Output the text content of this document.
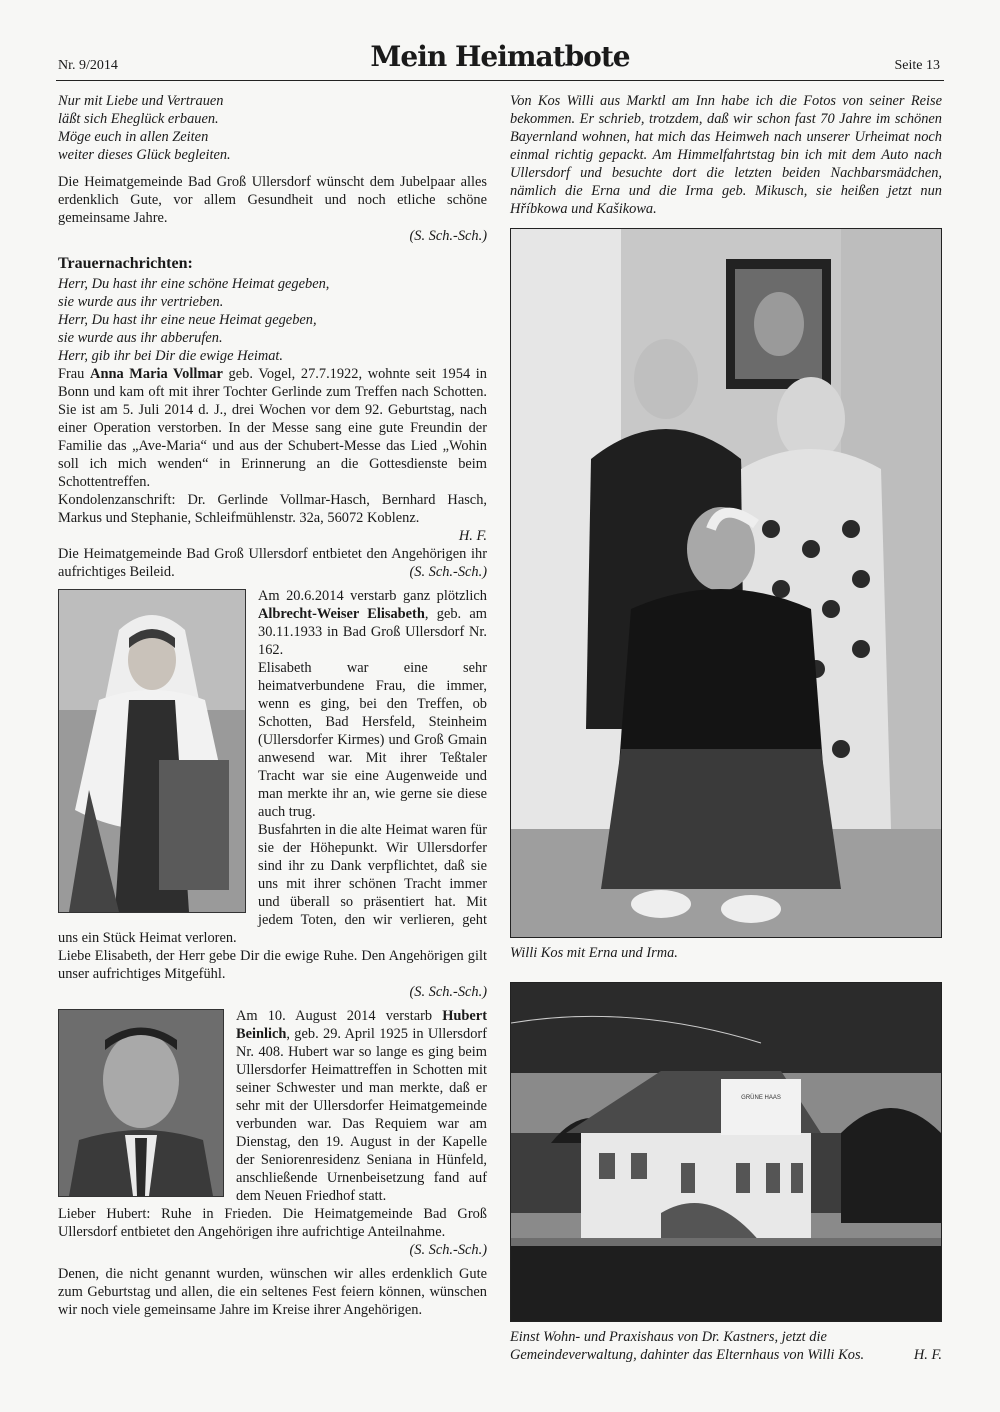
Nr. 9/2014	Mein Heimatbote	Seite 13
Nur mit Liebe und Vertrauen
läßt sich Eheglück erbauen.
Möge euch in allen Zeiten
weiter dieses Glück begleiten.

Die Heimatgemeinde Bad Groß Ullersdorf wünscht dem Jubelpaar alles erdenklich Gute, vor allem Gesundheit und noch etliche schöne gemeinsame Jahre.

(S. Sch.-Sch.)
Trauernachrichten:
Herr, Du hast ihr eine schöne Heimat gegeben,
sie wurde aus ihr vertrieben.
Herr, Du hast ihr eine neue Heimat gegeben,
sie wurde aus ihr abberufen.
Herr, gib ihr bei Dir die ewige Heimat.

Frau Anna Maria Vollmar geb. Vogel, 27.7.1922, wohnte seit 1954 in Bonn und kam oft mit ihrer Tochter Gerlinde zum Treffen nach Schotten. Sie ist am 5. Juli 2014 d. J., drei Wochen vor dem 92. Geburtstag, nach einer Operation verstorben. In der Messe sang eine gute Freundin der Familie das „Ave-Maria“ und aus der Schubert-Messe das Lied „Wohin soll ich mich wenden“ in Erinnerung an die Gottesdienste beim Schottentreffen.

Kondolenzanschrift: Dr. Gerlinde Vollmar-Hasch, Bernhard Hasch, Markus und Stephanie, Schleifmühlenstr. 32a, 56072 Koblenz.

H. F.

Die Heimatgemeinde Bad Groß Ullersdorf entbietet den Angehörigen ihr aufrichtiges Beileid.	(S. Sch.-Sch.)

Am 20.6.2014 verstarb ganz plötzlich Albrecht-Weiser Elisabeth, geb. am 30.11.1933 in Bad Groß Ullersdorf Nr. 162.

Elisabeth war eine sehr heimatverbundene Frau, die immer, wenn es ging, bei den Treffen, ob Schotten, Bad Hersfeld, Steinheim (Ullersdorfer Kirmes) und Groß Gmain anwesend war. Mit ihrer Teßtaler Tracht war sie eine Augenweide und man merkte ihr an, wie gerne sie diese auch trug.

Busfahrten in die alte Heimat waren für sie der Höhepunkt. Wir Ullersdorfer sind ihr zu Dank verpflichtet, daß sie uns mit ihrer schönen Tracht immer und überall so präsentiert hat. Mit jedem Toten, den wir verlieren, geht uns ein Stück Heimat verloren.

Liebe Elisabeth, der Herr gebe Dir die ewige Ruhe. Den Angehörigen gilt unser aufrichtiges Mitgefühl.

(S. Sch.-Sch.)

Am 10. August 2014 verstarb Hubert Beinlich, geb. 29. April 1925 in Ullersdorf Nr. 408. Hubert war so lange es ging beim Ullersdorfer Heimattreffen in Schotten mit seiner Schwester und man merkte, daß er sehr mit der Ullersdorfer Heimatgemeinde verbunden war. Das Requiem war am Dienstag, den 19. August in der Kapelle der Seniorenresidenz Seniana in Hünfeld, anschließende Urnenbeisetzung fand auf dem Neuen Friedhof statt.

Lieber Hubert: Ruhe in Frieden. Die Heimatgemeinde Bad Groß Ullersdorf entbietet den Angehörigen ihre aufrichtige Anteilnahme.

(S. Sch.-Sch.)

Denen, die nicht genannt wurden, wünschen wir alles erdenklich Gute zum Geburtstag und allen, die ein seltenes Fest feiern können, wünschen wir noch viele gemeinsame Jahre im Kreise ihrer Angehörigen.

Von Kos Willi aus Marktl am Inn habe ich die Fotos von seiner Reise bekommen. Er schrieb, trotzdem, daß wir schon fast 70 Jahre im schönen Bayernland wohnen, hat mich das Heimweh nach unserer Urheimat noch einmal richtig gepackt. Am Himmelfahrtstag bin ich mit dem Auto nach Ullersdorf und besuchte dort die letzten beiden Nachbarsmädchen, nämlich die Erna und die Irma geb. Mikusch, sie heißen jetzt nun Hříbkowa und Kašikowa.

Willi Kos mit Erna und Irma.
GRÜNE HAAS
Einst Wohn- und Praxishaus von Dr. Kastners, jetzt die Gemeindeverwaltung, dahinter das Elternhaus von Willi Kos.	H. F.
